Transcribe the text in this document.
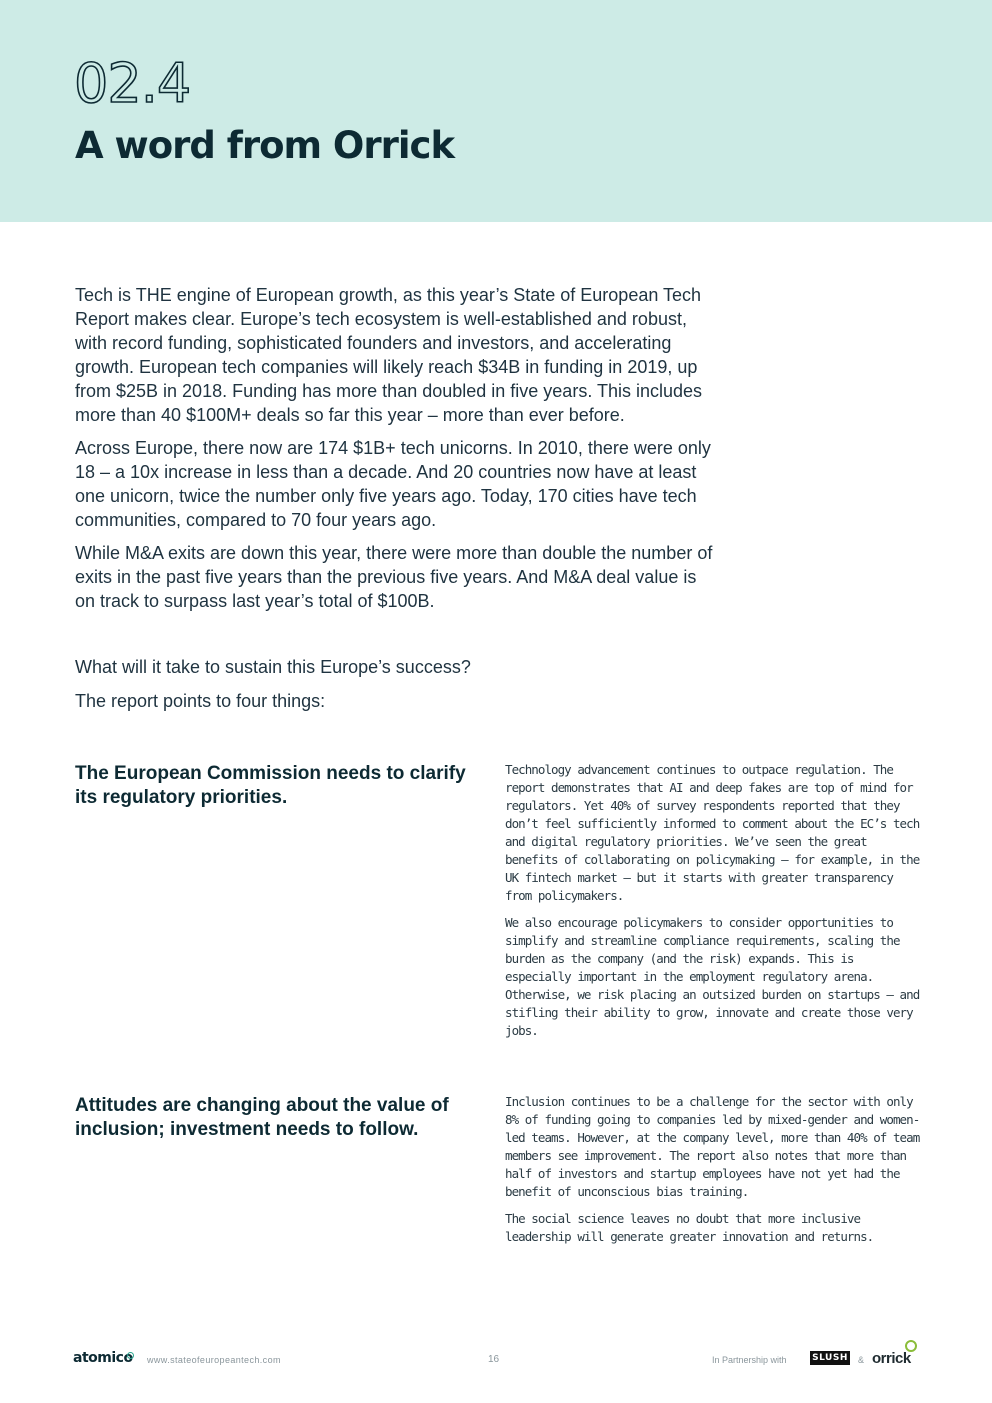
02.4
A word from Orrick

Tech is THE engine of European growth, as this year’s State of European Tech Report makes clear. Europe’s tech ecosystem is well-established and robust, with record funding, sophisticated founders and investors, and accelerating growth. European tech companies will likely reach $34B in funding in 2019, up from $25B in 2018. Funding has more than doubled in five years. This includes more than 40 $100M+ deals so far this year – more than ever before.

Across Europe, there now are 174 $1B+ tech unicorns. In 2010, there were only 18 – a 10x increase in less than a decade. And 20 countries now have at least one unicorn, twice the number only five years ago. Today, 170 cities have tech communities, compared to 70 four years ago.

While M&A exits are down this year, there were more than double the number of exits in the past five years than the previous five years. And M&A deal value is on track to surpass last year’s total of $100B.

What will it take to sustain this Europe’s success?

The report points to four things:

The European Commission needs to clarify its regulatory priorities.

Technology advancement continues to outpace regulation. The report demonstrates that AI and deep fakes are top of mind for regulators. Yet 40% of survey respondents reported that they don’t feel sufficiently informed to comment about the EC’s tech and digital regulatory priorities. We’ve seen the great benefits of collaborating on policymaking – for example, in the UK fintech market – but it starts with greater transparency from policymakers.

We also encourage policymakers to consider opportunities to simplify and streamline compliance requirements, scaling the burden as the company (and the risk) expands. This is especially important in the employment regulatory arena. Otherwise, we risk placing an outsized burden on startups – and stifling their ability to grow, innovate and create those very jobs.

Attitudes are changing about the value of inclusion; investment needs to follow.

Inclusion continues to be a challenge for the sector with only 8% of funding going to companies led by mixed-gender and women-led teams. However, at the company level, more than 40% of team members see improvement. The report also notes that more than half of investors and startup employees have not yet had the benefit of unconscious bias training.

The social science leaves no doubt that more inclusive leadership will generate greater innovation and returns.

atomico www.stateofeuropeantech.com	16	In Partnership with	SLUSH & orrick
